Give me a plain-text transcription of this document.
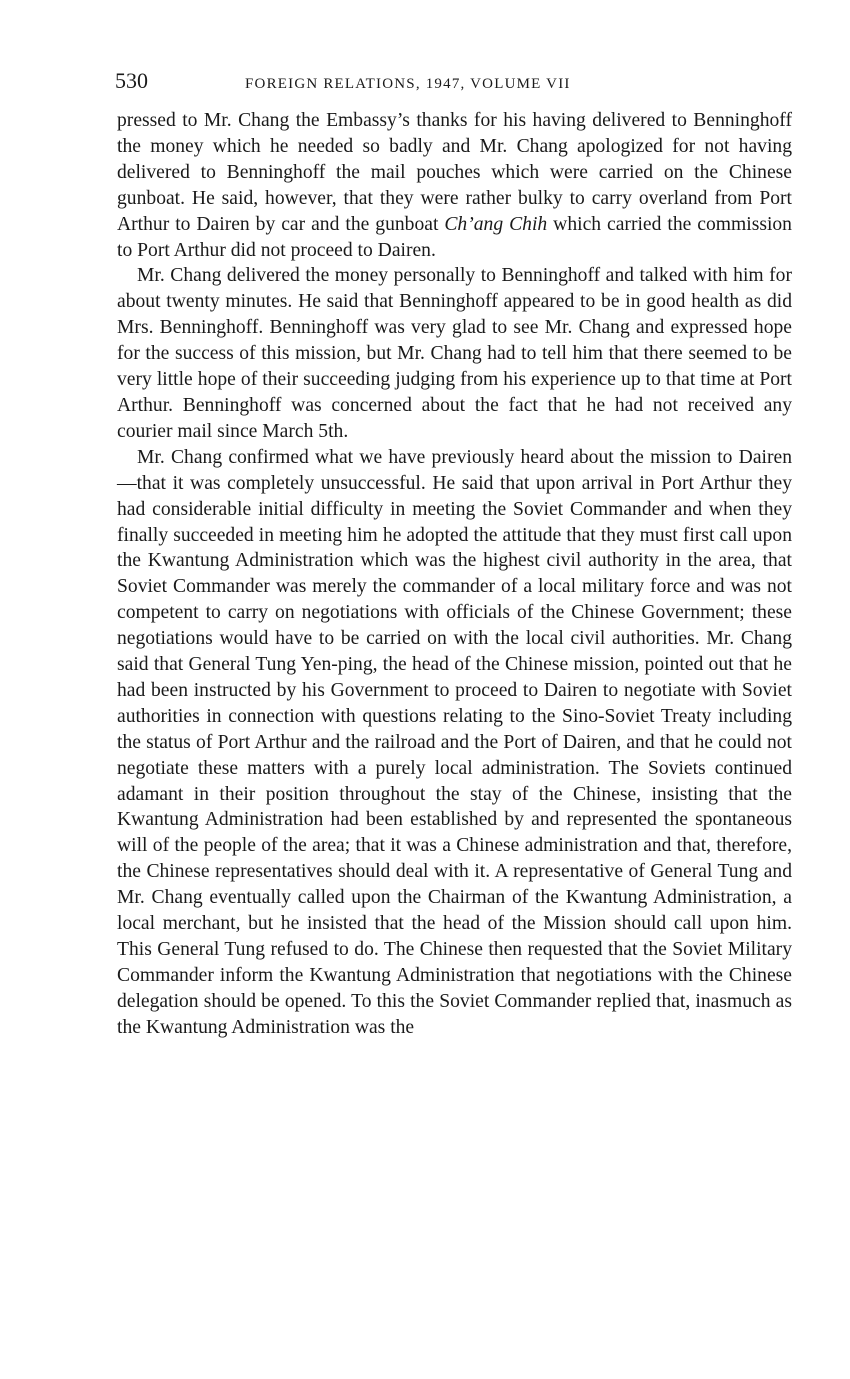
530	FOREIGN RELATIONS, 1947, VOLUME VII

pressed to Mr. Chang the Embassy’s thanks for his having delivered to Benninghoff the money which he needed so badly and Mr. Chang apologized for not having delivered to Benninghoff the mail pouches which were carried on the Chinese gunboat. He said, however, that they were rather bulky to carry overland from Port Arthur to Dairen by car and the gunboat Ch’ang Chih which carried the commission to Port Arthur did not proceed to Dairen.

Mr. Chang delivered the money personally to Benninghoff and talked with him for about twenty minutes. He said that Benninghoff appeared to be in good health as did Mrs. Benninghoff. Benninghoff was very glad to see Mr. Chang and expressed hope for the success of this mission, but Mr. Chang had to tell him that there seemed to be very little hope of their succeeding judging from his experience up to that time at Port Arthur. Benninghoff was concerned about the fact that he had not received any courier mail since March 5th.

Mr. Chang confirmed what we have previously heard about the mission to Dairen—that it was completely unsuccessful. He said that upon arrival in Port Arthur they had considerable initial difficulty in meeting the Soviet Commander and when they finally succeeded in meeting him he adopted the attitude that they must first call upon the Kwantung Administration which was the highest civil authority in the area, that Soviet Commander was merely the commander of a local military force and was not competent to carry on negotiations with officials of the Chinese Government; these negotiations would have to be carried on with the local civil authorities. Mr. Chang said that General Tung Yen-ping, the head of the Chinese mission, pointed out that he had been instructed by his Government to proceed to Dairen to negotiate with Soviet authorities in connection with questions relating to the Sino-Soviet Treaty including the status of Port Arthur and the railroad and the Port of Dairen, and that he could not negotiate these matters with a purely local administration. The Soviets continued adamant in their position throughout the stay of the Chinese, insisting that the Kwantung Administration had been established by and represented the spontaneous will of the people of the area; that it was a Chinese administration and that, therefore, the Chinese representatives should deal with it. A representative of General Tung and Mr. Chang eventually called upon the Chairman of the Kwantung Administration, a local merchant, but he insisted that the head of the Mission should call upon him. This General Tung refused to do. The Chinese then requested that the Soviet Military Commander inform the Kwantung Administration that negotiations with the Chinese delegation should be opened. To this the Soviet Commander replied that, inasmuch as the Kwantung Administration was the
